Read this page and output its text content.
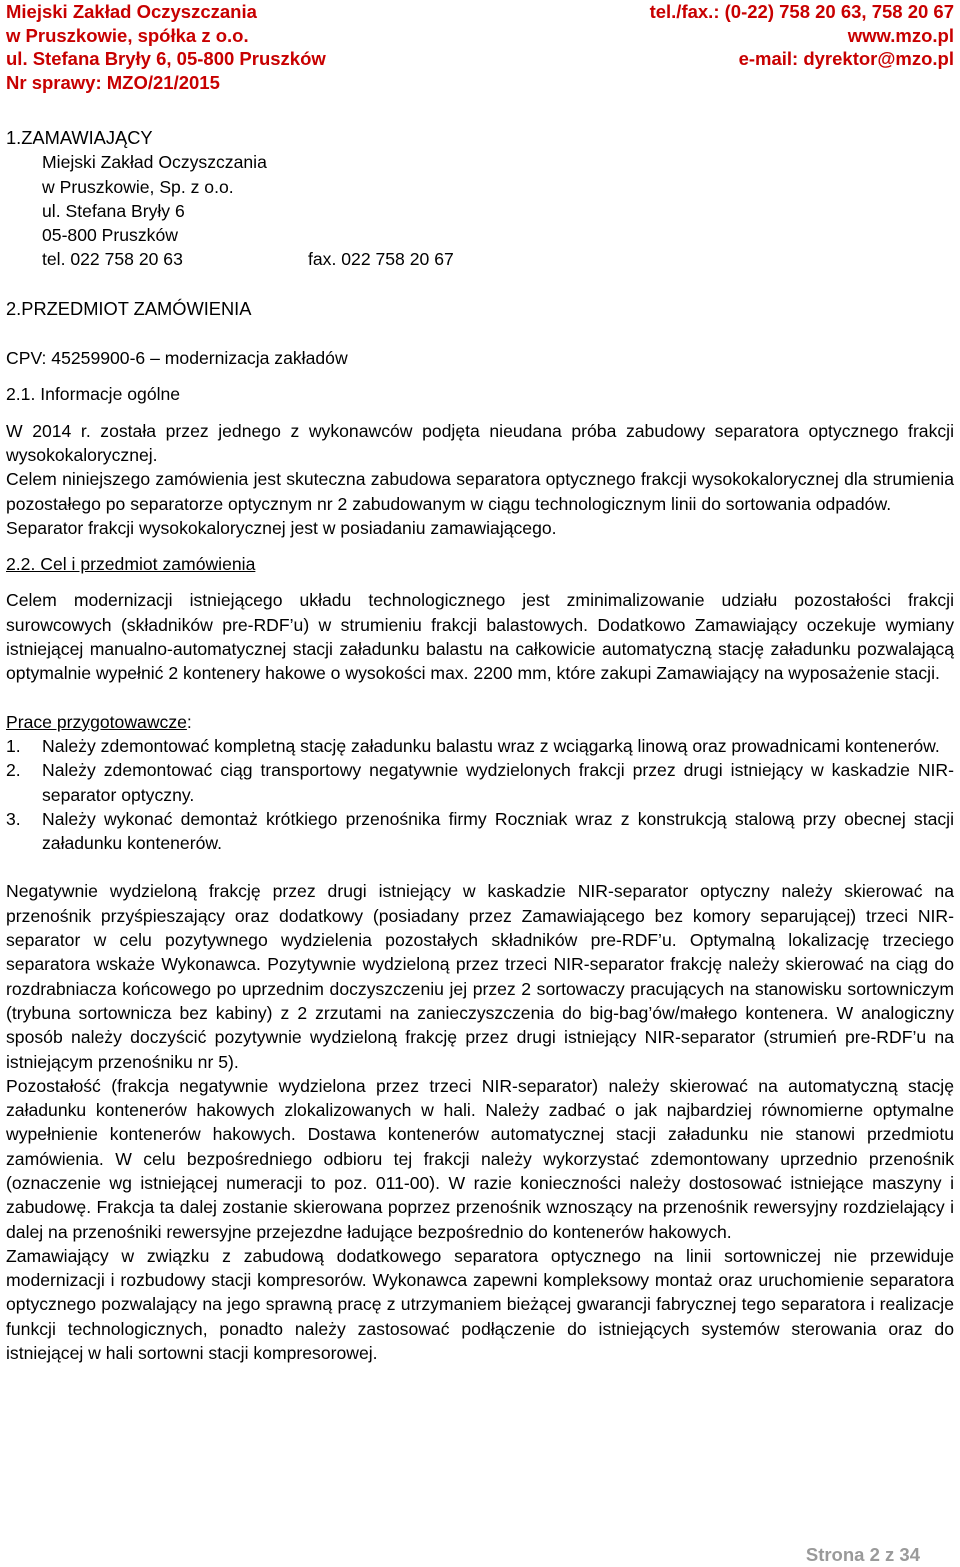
Miejski Zakład Oczyszczania	tel./fax.: (0-22) 758 20 63, 758 20 67
w Pruszkowie, spółka z o.o.	www.mzo.pl
ul. Stefana Bryły 6, 05-800 Pruszków	e-mail: dyrektor@mzo.pl
Nr sprawy: MZO/21/2015

1.ZAMAWIAJĄCY

Miejski Zakład Oczyszczania

w Pruszkowie, Sp. z o.o.

ul. Stefana Bryły 6

05-800 Pruszków

tel. 022 758 20 63	fax. 022 758 20 67

2.PRZEDMIOT ZAMÓWIENIA

CPV: 45259900-6 – modernizacja zakładów

2.1. Informacje ogólne

W 2014 r. została przez jednego z wykonawców podjęta nieudana próba zabudowy separatora optycznego frakcji wysokokalorycznej.

Celem niniejszego zamówienia jest skuteczna zabudowa separatora optycznego frakcji wysokokalorycznej dla strumienia pozostałego po separatorze optycznym nr 2 zabudowanym w ciągu technologicznym linii do sortowania odpadów.

Separator frakcji wysokokalorycznej jest w posiadaniu zamawiającego.

2.2. Cel i przedmiot zamówienia

Celem modernizacji istniejącego układu technologicznego jest zminimalizowanie udziału pozostałości frakcji surowcowych (składników pre-RDF’u) w strumieniu frakcji balastowych. Dodatkowo Zamawiający oczekuje wymiany istniejącej manualno-automatycznej stacji załadunku balastu na całkowicie automatyczną stację załadunku pozwalającą optymalnie wypełnić 2 kontenery hakowe o wysokości max. 2200 mm, które zakupi Zamawiający na wyposażenie stacji.

Prace przygotowawcze:

1. Należy zdemontować kompletną stację załadunku balastu wraz z wciągarką linową oraz prowadnicami kontenerów.
2. Należy zdemontować ciąg transportowy negatywnie wydzielonych frakcji przez drugi istniejący w kaskadzie NIR-separator optyczny.
3. Należy wykonać demontaż krótkiego przenośnika firmy Roczniak wraz z konstrukcją stalową przy obecnej stacji załadunku kontenerów.

Negatywnie wydzieloną frakcję przez drugi istniejący w kaskadzie NIR-separator optyczny należy skierować na przenośnik przyśpieszający oraz dodatkowy (posiadany przez Zamawiającego bez komory separującej) trzeci NIR-separator w celu pozytywnego wydzielenia pozostałych składników pre-RDF’u. Optymalną lokalizację trzeciego separatora wskaże Wykonawca. Pozytywnie wydzieloną przez trzeci NIR-separator frakcję należy skierować na ciąg do rozdrabniacza końcowego po uprzednim doczyszczeniu jej przez 2 sortowaczy pracujących na stanowisku sortowniczym (trybuna sortownicza bez kabiny) z 2 zrzutami na zanieczyszczenia do big-bag’ów/małego kontenera. W analogiczny sposób należy doczyścić pozytywnie wydzieloną frakcję przez drugi istniejący NIR-separator (strumień pre-RDF’u na istniejącym przenośniku nr 5).

Pozostałość (frakcja negatywnie wydzielona przez trzeci NIR-separator) należy skierować na automatyczną stację załadunku kontenerów hakowych zlokalizowanych w hali. Należy zadbać o jak najbardziej równomierne optymalne wypełnienie kontenerów hakowych. Dostawa kontenerów automatycznej stacji załadunku nie stanowi przedmiotu zamówienia. W celu bezpośredniego odbioru tej frakcji należy wykorzystać zdemontowany uprzednio przenośnik (oznaczenie wg istniejącej numeracji to poz. 011-00). W razie konieczności należy dostosować istniejące maszyny i zabudowę. Frakcja ta dalej zostanie skierowana poprzez przenośnik wznoszący na przenośnik rewersyjny rozdzielający i dalej na przenośniki rewersyjne przejezdne ładujące bezpośrednio do kontenerów hakowych.

Zamawiający w związku z zabudową dodatkowego separatora optycznego na linii sortowniczej nie przewiduje modernizacji i rozbudowy stacji kompresorów. Wykonawca zapewni kompleksowy montaż oraz uruchomienie separatora optycznego pozwalający na jego sprawną pracę z utrzymaniem bieżącej gwarancji fabrycznej tego separatora i realizacje funkcji technologicznych, ponadto należy zastosować podłączenie do istniejących systemów sterowania oraz do istniejącej w hali sortowni stacji kompresorowej.

Strona 2 z 34
